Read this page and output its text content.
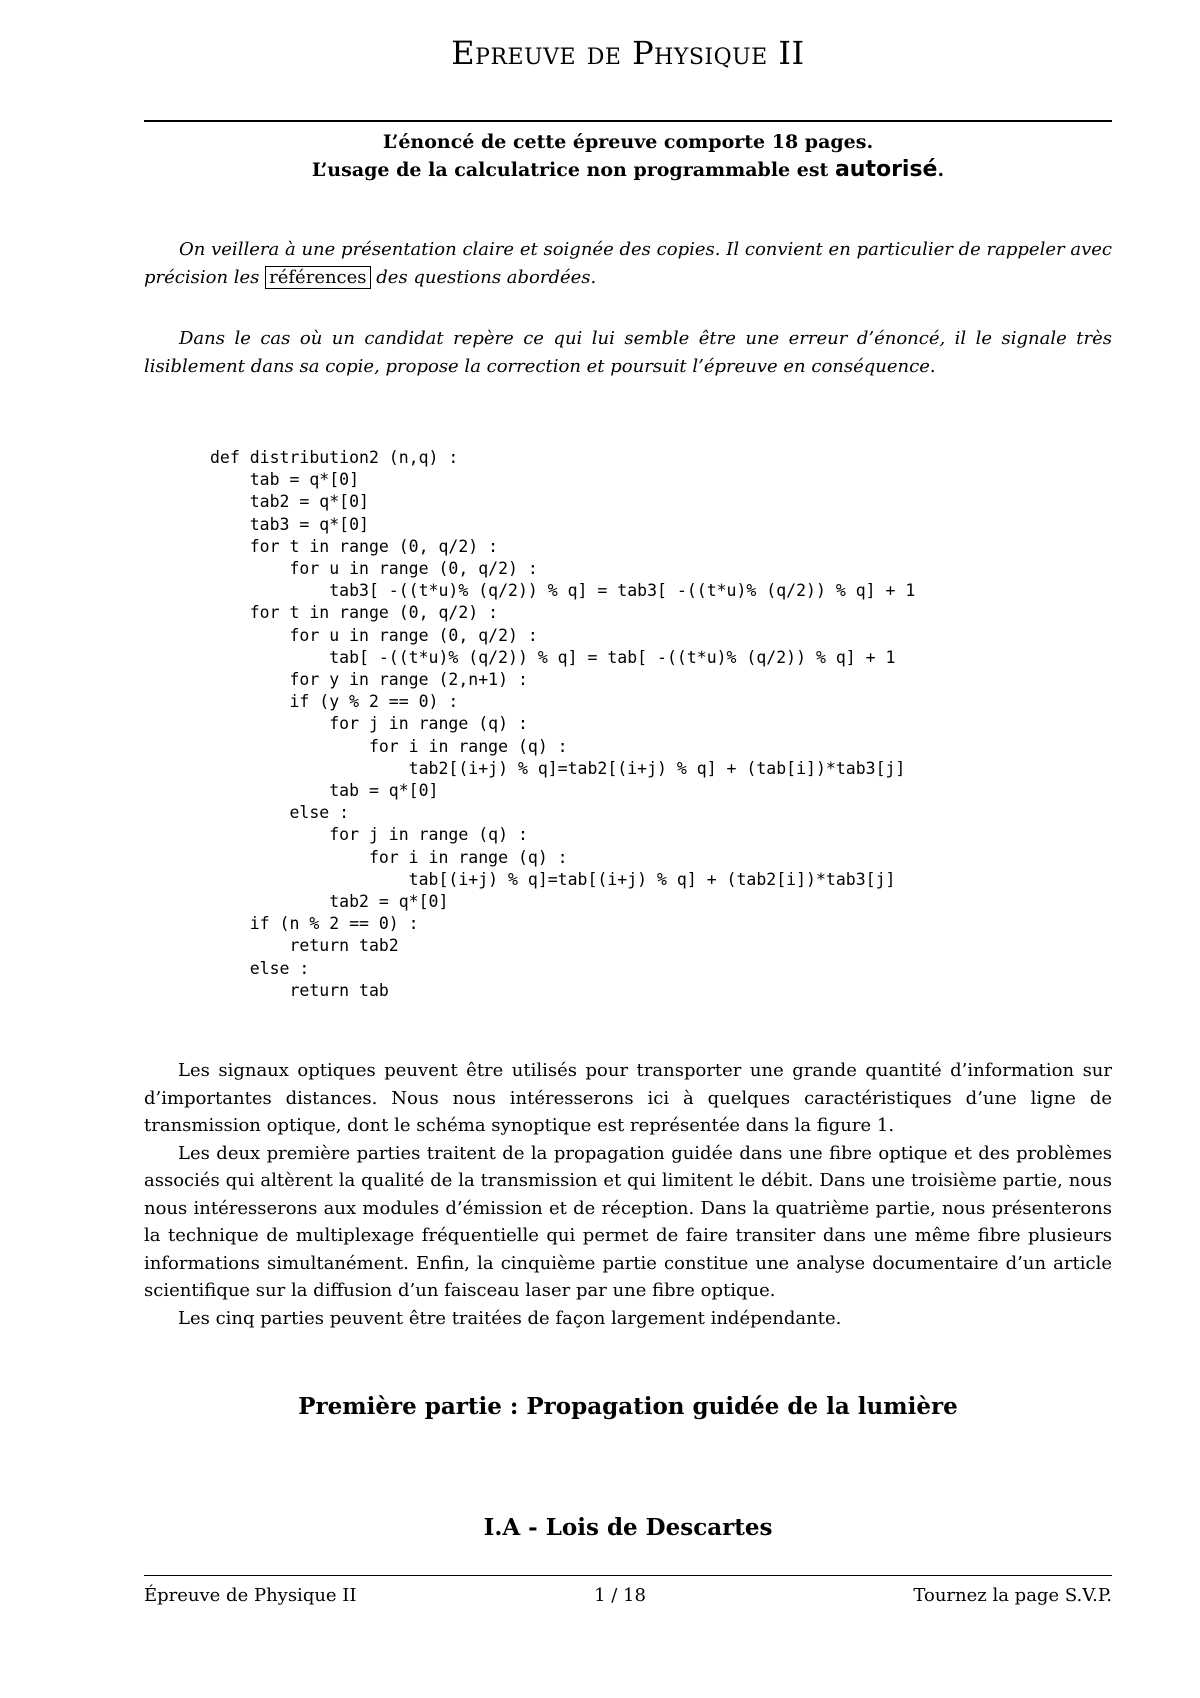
Epreuve de Physique II
L’énoncé de cette épreuve comporte 18 pages.
L’usage de la calculatrice non programmable est autorisé.
On veillera à une présentation claire et soignée des copies. Il convient en particulier de rappeler avec précision les références des questions abordées.
Dans le cas où un candidat repère ce qui lui semble être une erreur d’énoncé, il le signale très lisiblement dans sa copie, propose la correction et poursuit l’épreuve en conséquence.
def distribution2 (n,q) :
tab = q*[0]
tab2 = q*[0]
tab3 = q*[0]
for t in range (0, q/2) :
for u in range (0, q/2) :
tab3[ -((t*u)% (q/2)) % q] = tab3[ -((t*u)% (q/2)) % q] + 1
for t in range (0, q/2) :
for u in range (0, q/2) :
tab[ -((t*u)% (q/2)) % q] = tab[ -((t*u)% (q/2)) % q] + 1
for y in range (2,n+1) :
if (y % 2 == 0) :
for j in range (q) :
for i in range (q) :
tab2[(i+j) % q]=tab2[(i+j) % q] + (tab[i])*tab3[j]
tab = q*[0]
else :
for j in range (q) :
for i in range (q) :
tab[(i+j) % q]=tab[(i+j) % q] + (tab2[i])*tab3[j]
tab2 = q*[0]
if (n % 2 == 0) :
return tab2
else :
return tab

Les signaux optiques peuvent être utilisés pour transporter une grande quantité d’information sur d’importantes distances. Nous nous intéresserons ici à quelques caractéristiques d’une ligne de transmission optique, dont le schéma synoptique est représentée dans la figure 1.

Les deux première parties traitent de la propagation guidée dans une fibre optique et des problèmes associés qui altèrent la qualité de la transmission et qui limitent le débit. Dans une troisième partie, nous nous intéresserons aux modules d’émission et de réception. Dans la quatrième partie, nous présenterons la technique de multiplexage fréquentielle qui permet de faire transiter dans une même fibre plusieurs informations simultanément. Enfin, la cinquième partie constitue une analyse documentaire d’un article scientifique sur la diffusion d’un faisceau laser par une fibre optique.

Les cinq parties peuvent être traitées de façon largement indépendante.

Première partie : Propagation guidée de la lumière
I.A - Lois de Descartes
Épreuve de Physique II	1 / 18	Tournez la page S.V.P.
